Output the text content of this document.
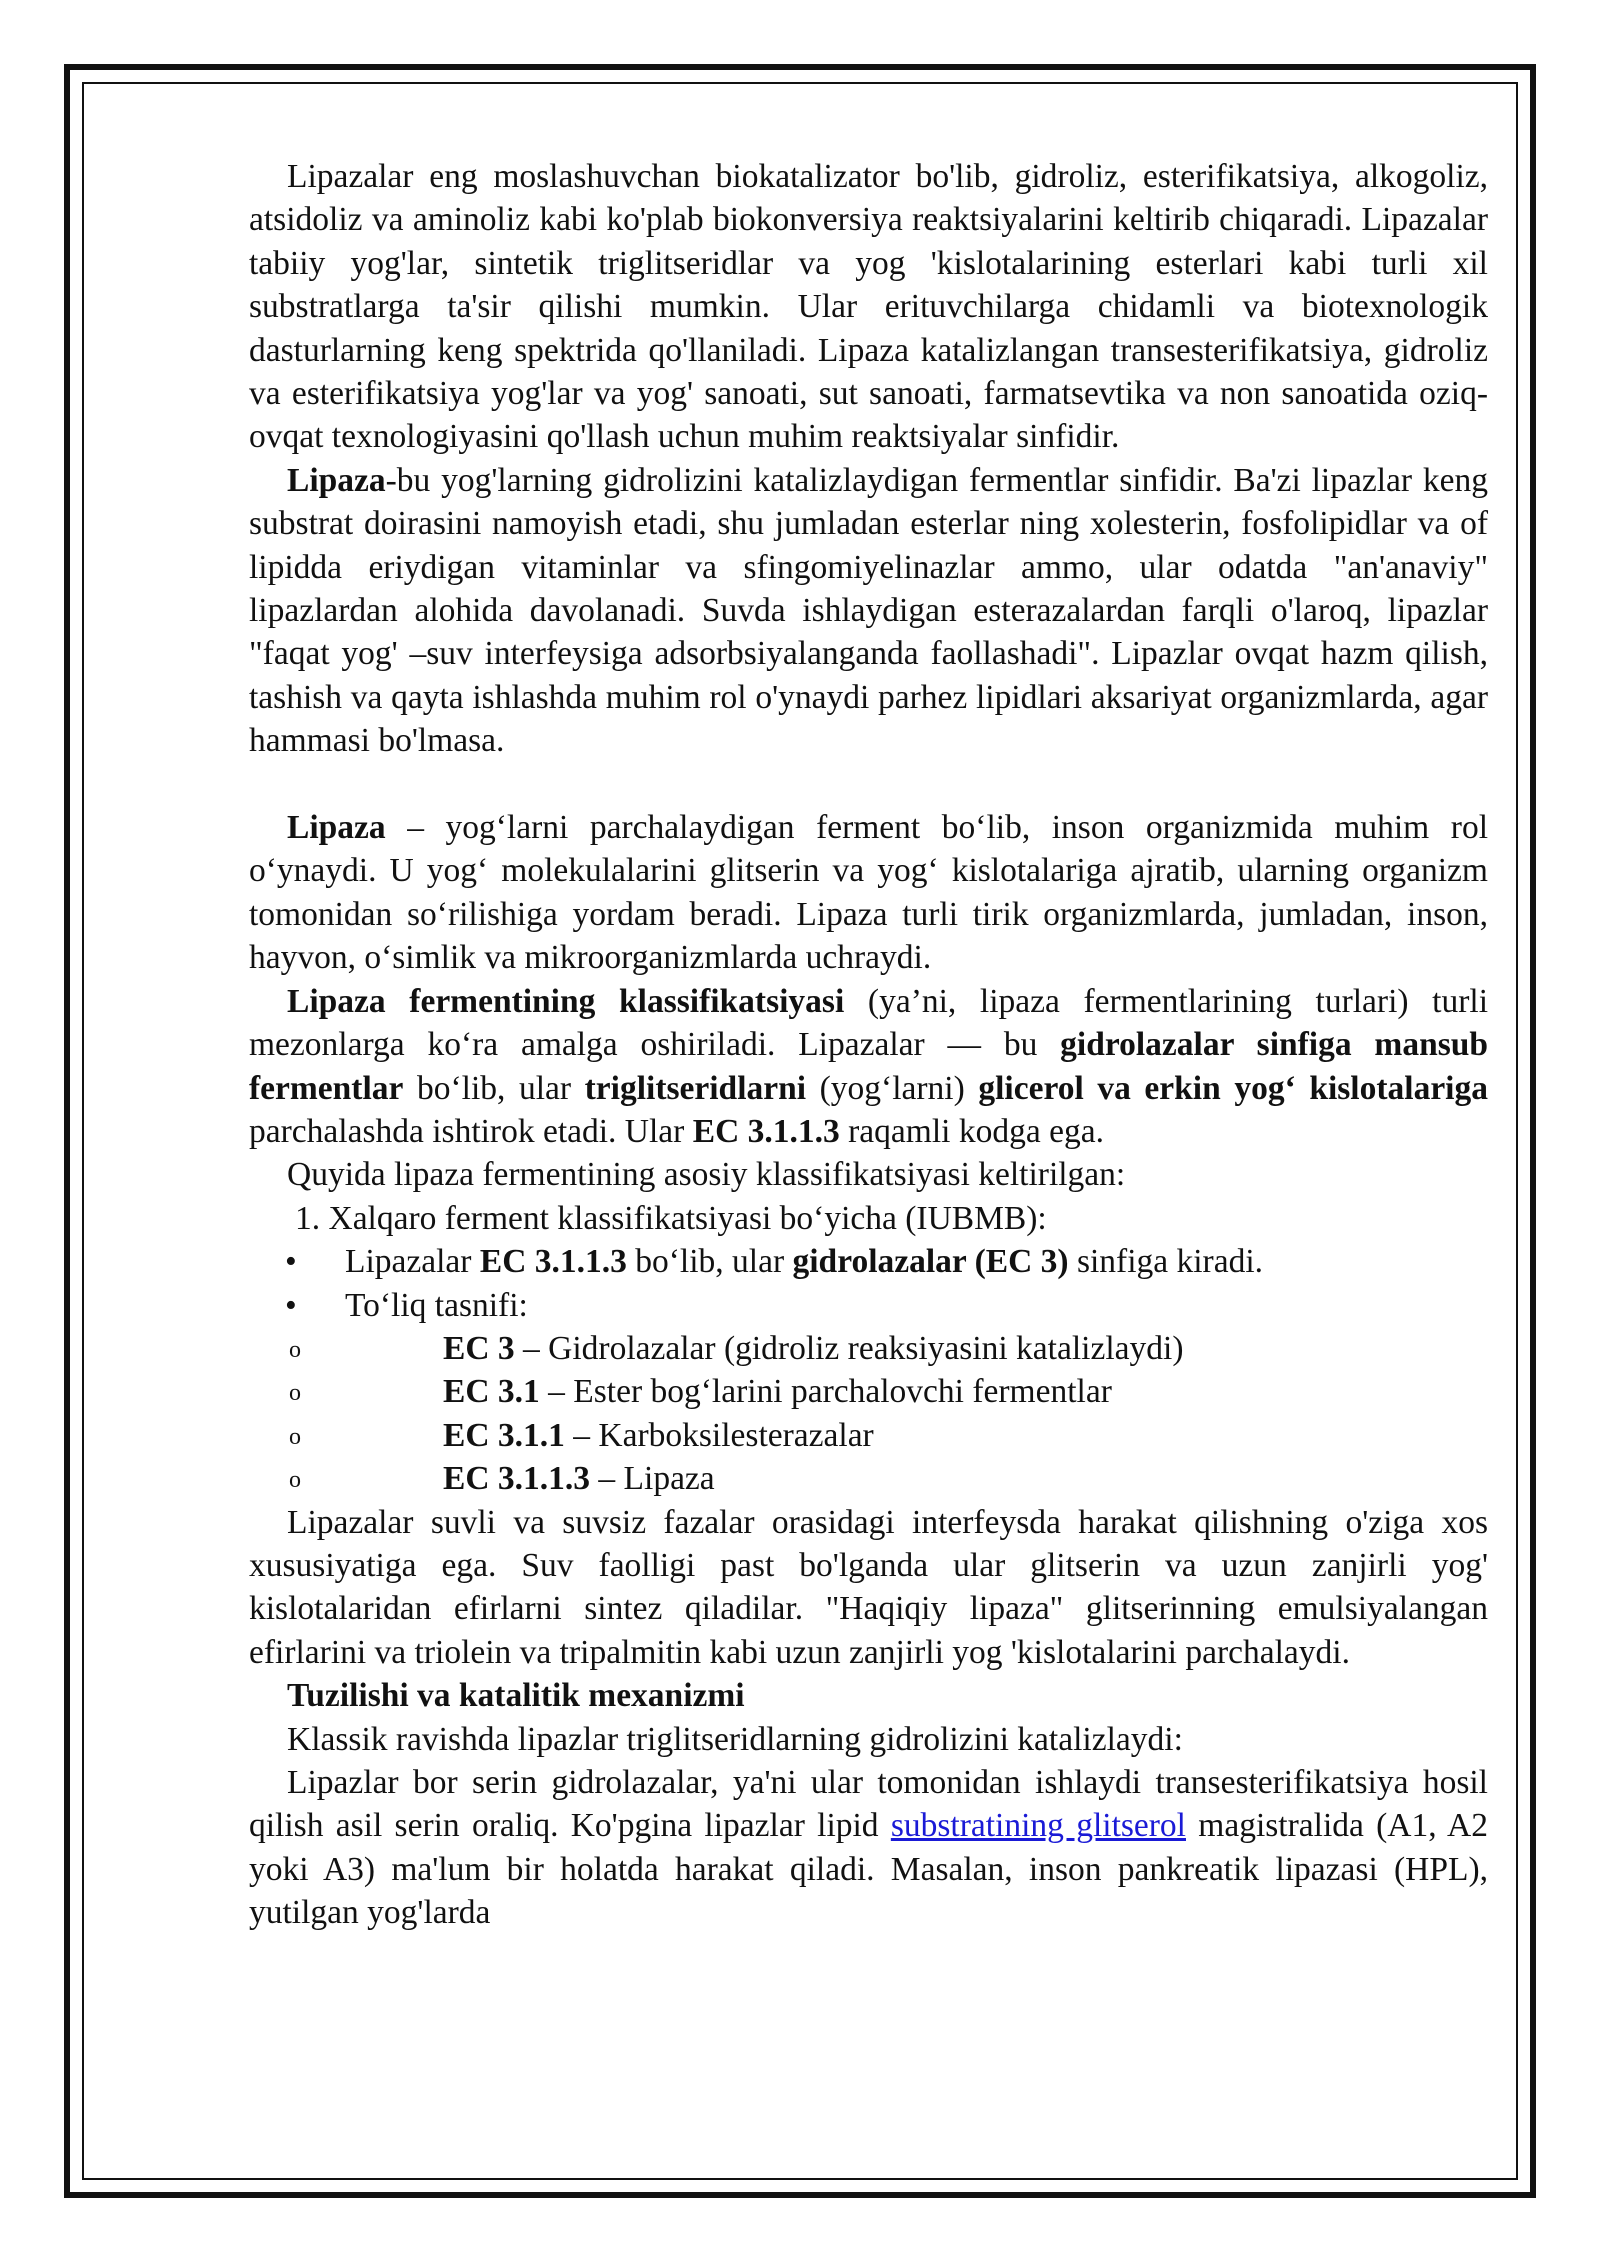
Lipazalar eng moslashuvchan biokatalizator bo'lib, gidroliz, esterifikatsiya, alkogoliz, atsidoliz va aminoliz kabi ko'plab biokonversiya reaktsiyalarini keltirib chiqaradi. Lipazalar tabiiy yog'lar, sintetik triglitseridlar va yog 'kislotalarining esterlari kabi turli xil substratlarga ta'sir qilishi mumkin. Ular erituvchilarga chidamli va biotexnologik dasturlarning keng spektrida qo'llaniladi. Lipaza katalizlangan transesterifikatsiya, gidroliz va esterifikatsiya yog'lar va yog' sanoati, sut sanoati, farmatsevtika va non sanoatida oziq-ovqat texnologiyasini qo'llash uchun muhim reaktsiyalar sinfidir.

Lipaza-bu yog'larning gidrolizini katalizlaydigan fermentlar sinfidir. Ba'zi lipazlar keng substrat doirasini namoyish etadi, shu jumladan esterlar ning xolesterin, fosfolipidlar va of lipidda eriydigan vitaminlar va sfingomiyelinazlar ammo, ular odatda "an'anaviy" lipazlardan alohida davolanadi. Suvda ishlaydigan esterazalardan farqli o'laroq, lipazlar "faqat yog' –suv interfeysiga adsorbsiyalanganda faollashadi". Lipazlar ovqat hazm qilish, tashish va qayta ishlashda muhim rol o'ynaydi parhez lipidlari aksariyat organizmlarda, agar hammasi bo'lmasa.

Lipaza – yog‘larni parchalaydigan ferment bo‘lib, inson organizmida muhim rol o‘ynaydi. U yog‘ molekulalarini glitserin va yog‘ kislotalariga ajratib, ularning organizm tomonidan so‘rilishiga yordam beradi. Lipaza turli tirik organizmlarda, jumladan, inson, hayvon, o‘simlik va mikroorganizmlarda uchraydi.

Lipaza fermentining klassifikatsiyasi (ya’ni, lipaza fermentlarining turlari) turli mezonlarga ko‘ra amalga oshiriladi. Lipazalar — bu gidrolazalar sinfiga mansub fermentlar bo‘lib, ular triglitseridlarni (yog‘larni) glicerol va erkin yog‘ kislotalariga parchalashda ishtirok etadi. Ular EC 3.1.1.3 raqamli kodga ega.

Quyida lipaza fermentining asosiy klassifikatsiyasi keltirilgan:

1. Xalqaro ferment klassifikatsiyasi bo‘yicha (IUBMB):
• Lipazalar EC 3.1.1.3 bo‘lib, ular gidrolazalar (EC 3) sinfiga kiradi.
• To‘liq tasnifi:
o	EC 3 – Gidrolazalar (gidroliz reaksiyasini katalizlaydi)
o	EC 3.1 – Ester bog‘larini parchalovchi fermentlar
o	EC 3.1.1 – Karboksilesterazalar
o	EC 3.1.1.3 – Lipaza

Lipazalar suvli va suvsiz fazalar orasidagi interfeysda harakat qilishning o'ziga xos xususiyatiga ega. Suv faolligi past bo'lganda ular glitserin va uzun zanjirli yog' kislotalaridan efirlarni sintez qiladilar. "Haqiqiy lipaza" glitserinning emulsiyalangan efirlarini va triolein va tripalmitin kabi uzun zanjirli yog 'kislotalarini parchalaydi.

Tuzilishi va katalitik mexanizmi

Klassik ravishda lipazlar triglitseridlarning gidrolizini katalizlaydi:

Lipazlar bor serin gidrolazalar, ya'ni ular tomonidan ishlaydi transesterifikatsiya hosil qilish asil serin oraliq. Ko'pgina lipazlar lipid substratining glitserol magistralida (A1, A2 yoki A3) ma'lum bir holatda harakat qiladi. Masalan, inson pankreatik lipazasi (HPL), yutilgan yog'larda
